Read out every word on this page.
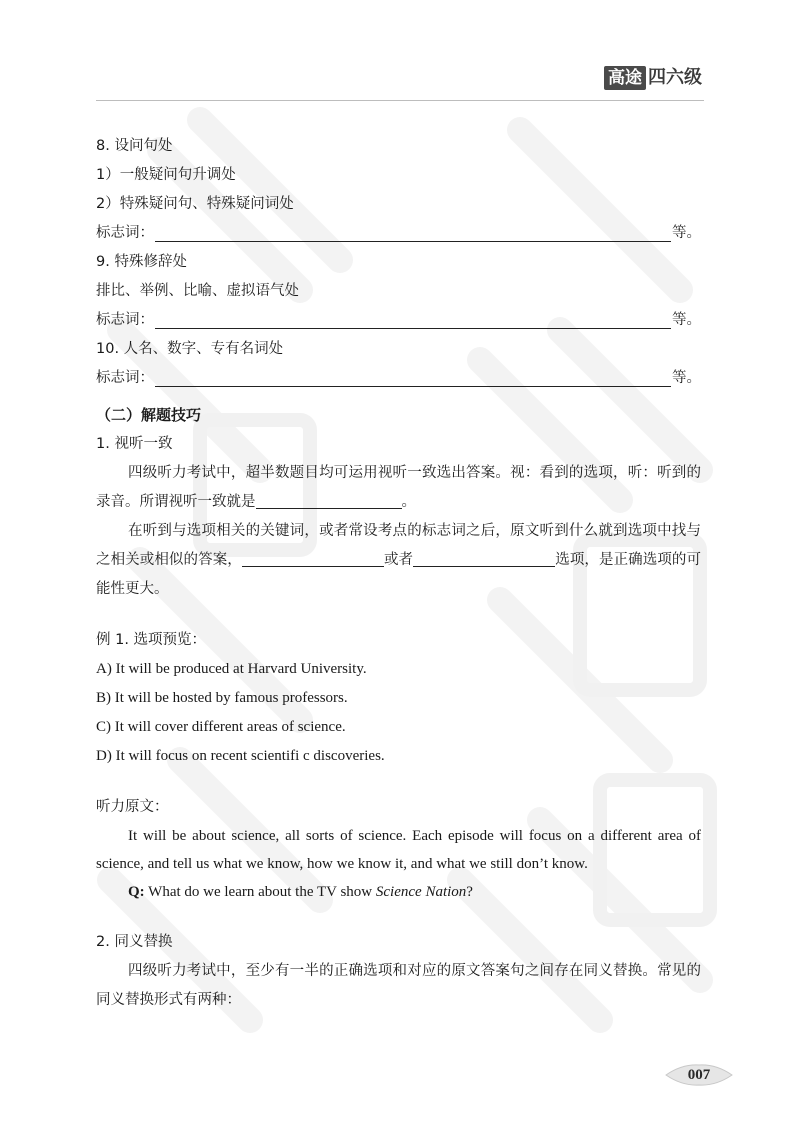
高途 四六级
8. 设问句处
1）一般疑问句升调处
2）特殊疑问句、特殊疑问词处
标志词：	等。
9. 特殊修辞处
排比、举例、比喻、虚拟语气处
标志词：	等。
10. 人名、数字、专有名词处
标志词：	等。
（二）解题技巧
1. 视听一致
四级听力考试中，超半数题目均可运用视听一致选出答案。视：看到的选项，听：听到的录音。所谓视听一致就是	。
在听到与选项相关的关键词，或者常设考点的标志词之后，原文听到什么就到选项中找与之相关或相似的答案，	或者	选项，是正确选项的可能性更大。
例 1. 选项预览：
A) It will be produced at Harvard University.
B) It will be hosted by famous professors.
C) It will cover different areas of science.
D) It will focus on recent scientifi c discoveries.
听力原文：
It will be about science, all sorts of science. Each episode will focus on a different area of science, and tell us what we know, how we know it, and what we still don’t know.
Q: What do we learn about the TV show Science Nation?
2. 同义替换
四级听力考试中，至少有一半的正确选项和对应的原文答案句之间存在同义替换。常见的同义替换形式有两种：
007
